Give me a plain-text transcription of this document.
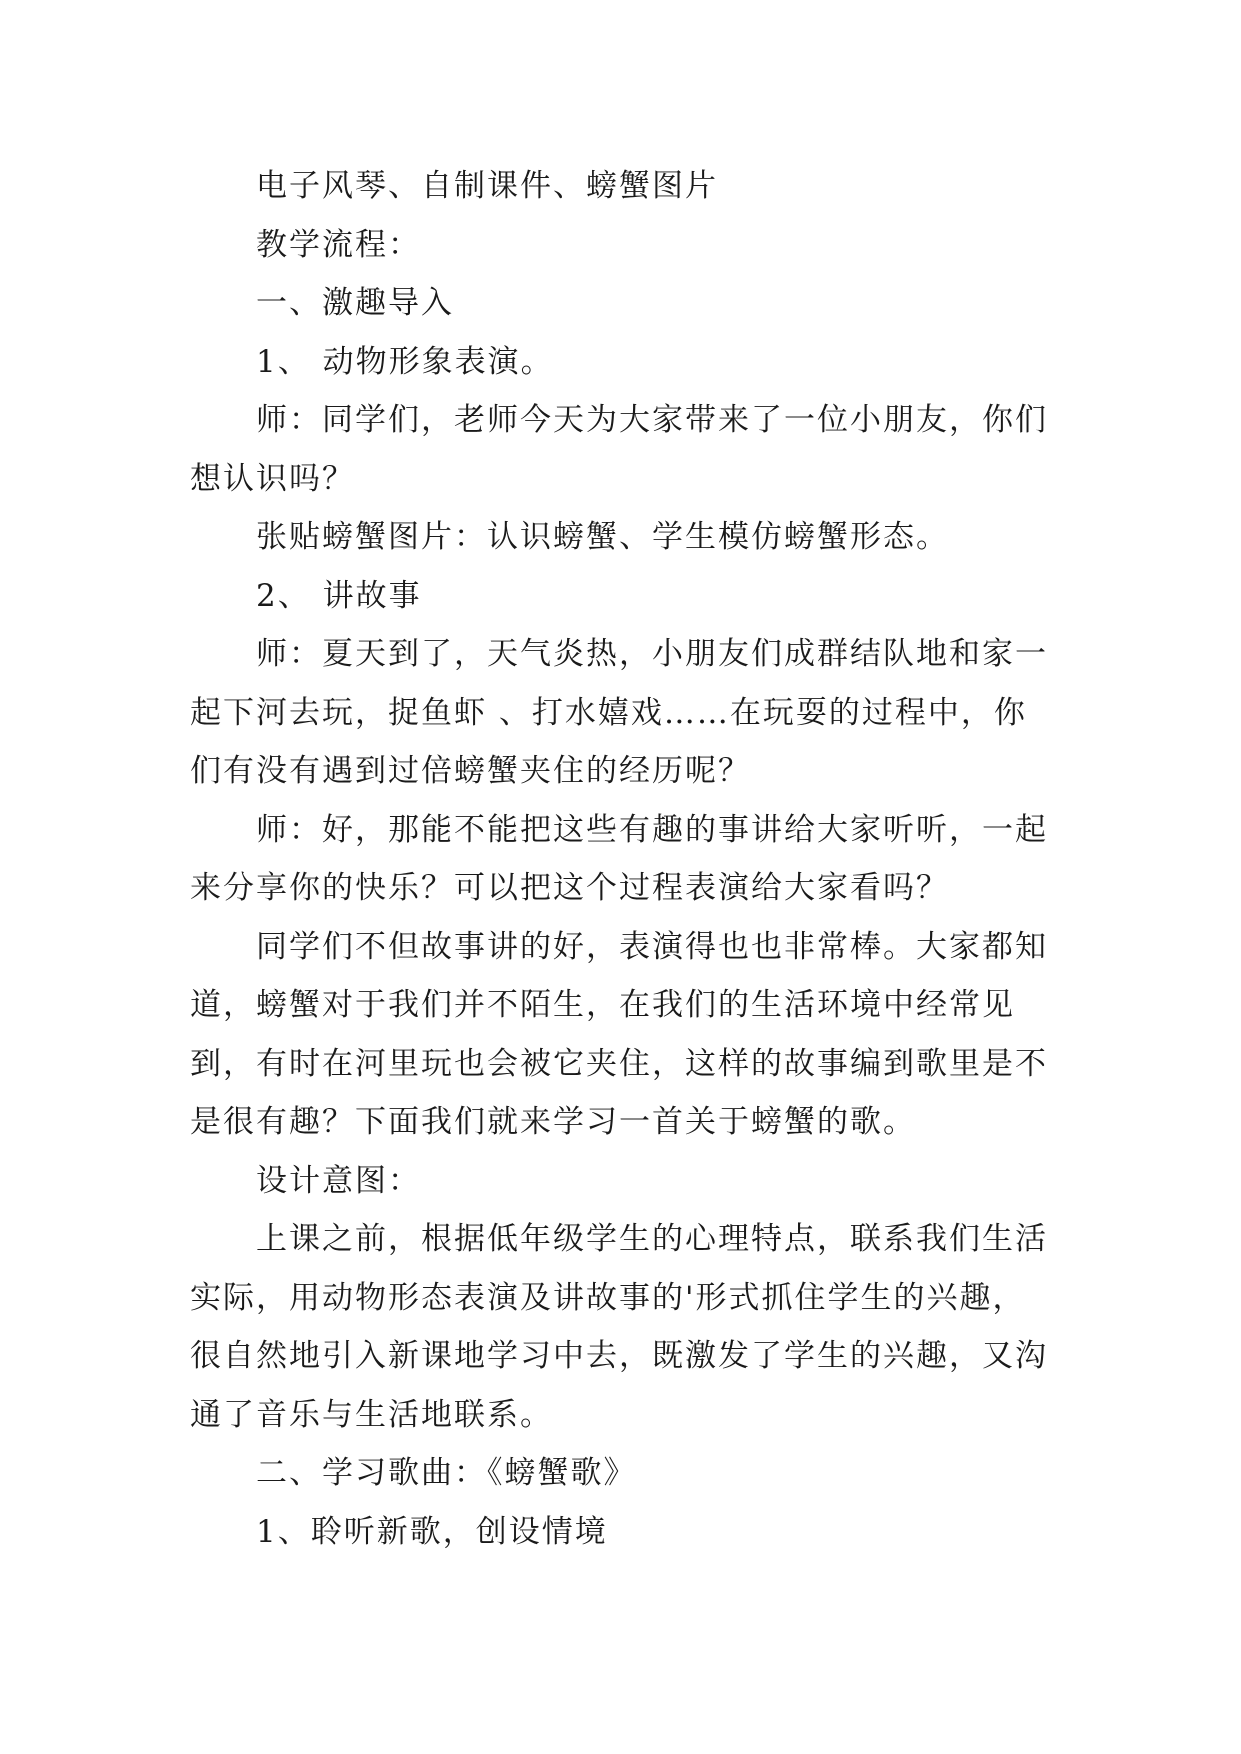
电子风琴、自制课件、螃蟹图片

教学流程：

一、激趣导入

1、 动物形象表演。

师：同学们，老师今天为大家带来了一位小朋友，你们想认识吗？

张贴螃蟹图片：认识螃蟹、学生模仿螃蟹形态。

2、 讲故事

师：夏天到了，天气炎热，小朋友们成群结队地和家一起下河去玩，捉鱼虾 、打水嬉戏……在玩耍的过程中，你们有没有遇到过倍螃蟹夹住的经历呢？

师：好，那能不能把这些有趣的事讲给大家听听，一起来分享你的快乐？可以把这个过程表演给大家看吗？

同学们不但故事讲的好，表演得也也非常棒。大家都知道，螃蟹对于我们并不陌生，在我们的生活环境中经常见到，有时在河里玩也会被它夹住，这样的故事编到歌里是不是很有趣？下面我们就来学习一首关于螃蟹的歌。

设计意图：

上课之前，根据低年级学生的心理特点，联系我们生活实际，用动物形态表演及讲故事的'形式抓住学生的兴趣，很自然地引入新课地学习中去，既激发了学生的兴趣，又沟通了音乐与生活地联系。

二、学习歌曲：《螃蟹歌》

1、聆听新歌，创设情境
